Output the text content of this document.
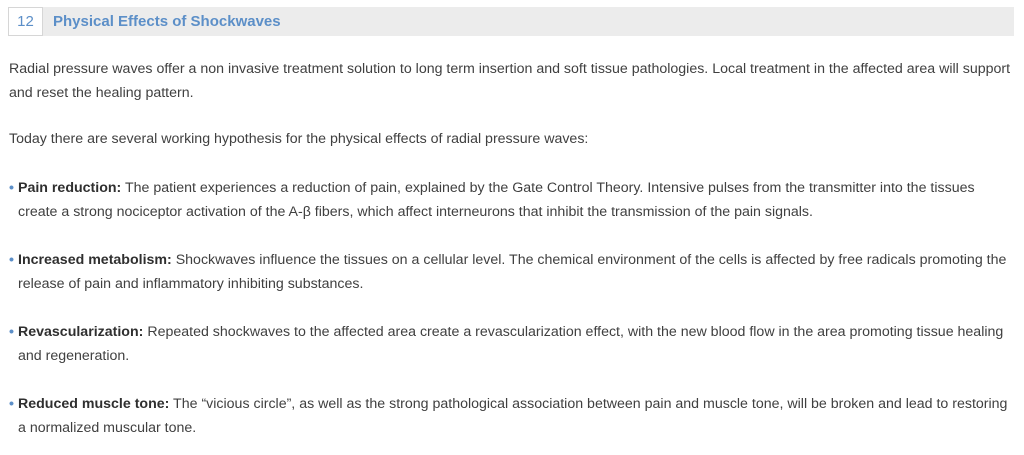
12	Physical Effects of Shockwaves

Radial pressure waves offer a non invasive treatment solution to long term insertion and soft tissue pathologies. Local treatment in the affected area will support and reset the healing pattern.

Today there are several working hypothesis for the physical effects of radial pressure waves:

• Pain reduction: The patient experiences a reduction of pain, explained by the Gate Control Theory. Intensive pulses from the transmitter into the tissues create a strong nociceptor activation of the A-β fibers, which affect interneurons that inhibit the transmission of the pain signals.

• Increased metabolism: Shockwaves influence the tissues on a cellular level. The chemical environment of the cells is affected by free radicals promoting the release of pain and inflammatory inhibiting substances.

• Revascularization: Repeated shockwaves to the affected area create a revascularization effect, with the new blood flow in the area promoting tissue healing and regeneration.

• Reduced muscle tone: The “vicious circle”, as well as the strong pathological association between pain and muscle tone, will be broken and lead to restoring a normalized muscular tone.
